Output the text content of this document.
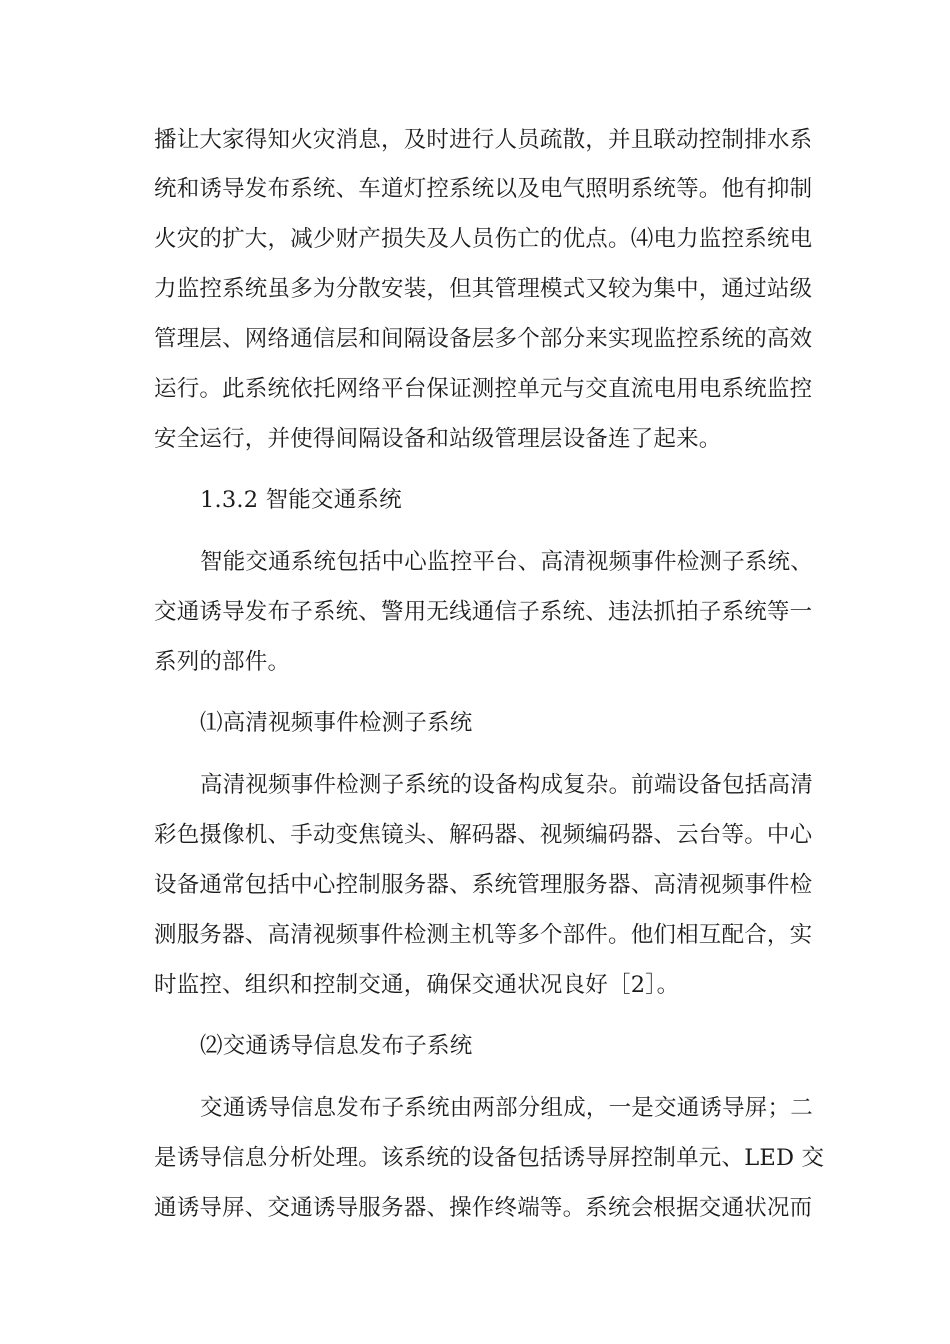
播让大家得知火灾消息，及时进行人员疏散，并且联动控制排水系
统和诱导发布系统、车道灯控系统以及电气照明系统等。他有抑制
火灾的扩大，减少财产损失及人员伤亡的优点。⑷电力监控系统电
力监控系统虽多为分散安装，但其管理模式又较为集中，通过站级
管理层、网络通信层和间隔设备层多个部分来实现监控系统的高效
运行。此系统依托网络平台保证测控单元与交直流电用电系统监控
安全运行，并使得间隔设备和站级管理层设备连了起来。
1.3.2 智能交通系统
智能交通系统包括中心监控平台、高清视频事件检测子系统、
交通诱导发布子系统、警用无线通信子系统、违法抓拍子系统等一
系列的部件。
⑴高清视频事件检测子系统
高清视频事件检测子系统的设备构成复杂。前端设备包括高清
彩色摄像机、手动变焦镜头、解码器、视频编码器、云台等。中心
设备通常包括中心控制服务器、系统管理服务器、高清视频事件检
测服务器、高清视频事件检测主机等多个部件。他们相互配合，实
时监控、组织和控制交通，确保交通状况良好［2］。
⑵交通诱导信息发布子系统
交通诱导信息发布子系统由两部分组成，一是交通诱导屏；二
是诱导信息分析处理。该系统的设备包括诱导屏控制单元、LED 交
通诱导屏、交通诱导服务器、操作终端等。系统会根据交通状况而
